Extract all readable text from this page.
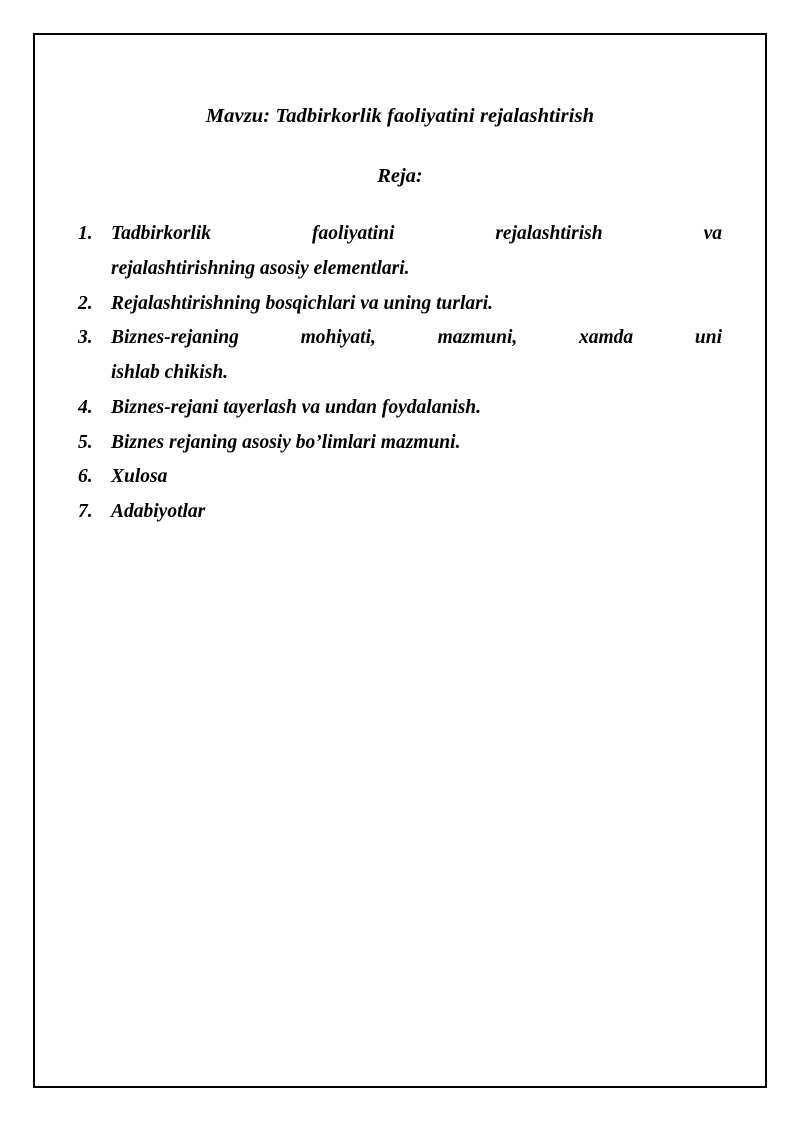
Mavzu: Tadbirkorlik faoliyatini rejalashtirish
Reja:
Tadbirkorlik faoliyatini rejalashtirish va
rejalashtirishning asosiy elementlari.
Rejalashtirishning bosqichlari va uning turlari.
Biznes-rejaning mohiyati, mazmuni, xamda uni
ishlab chikish.
Biznes-rejani tayerlash va undan foydalanish.
Biznes rejaning asosiy bo’limlari mazmuni.
Xulosa
Adabiyotlar
